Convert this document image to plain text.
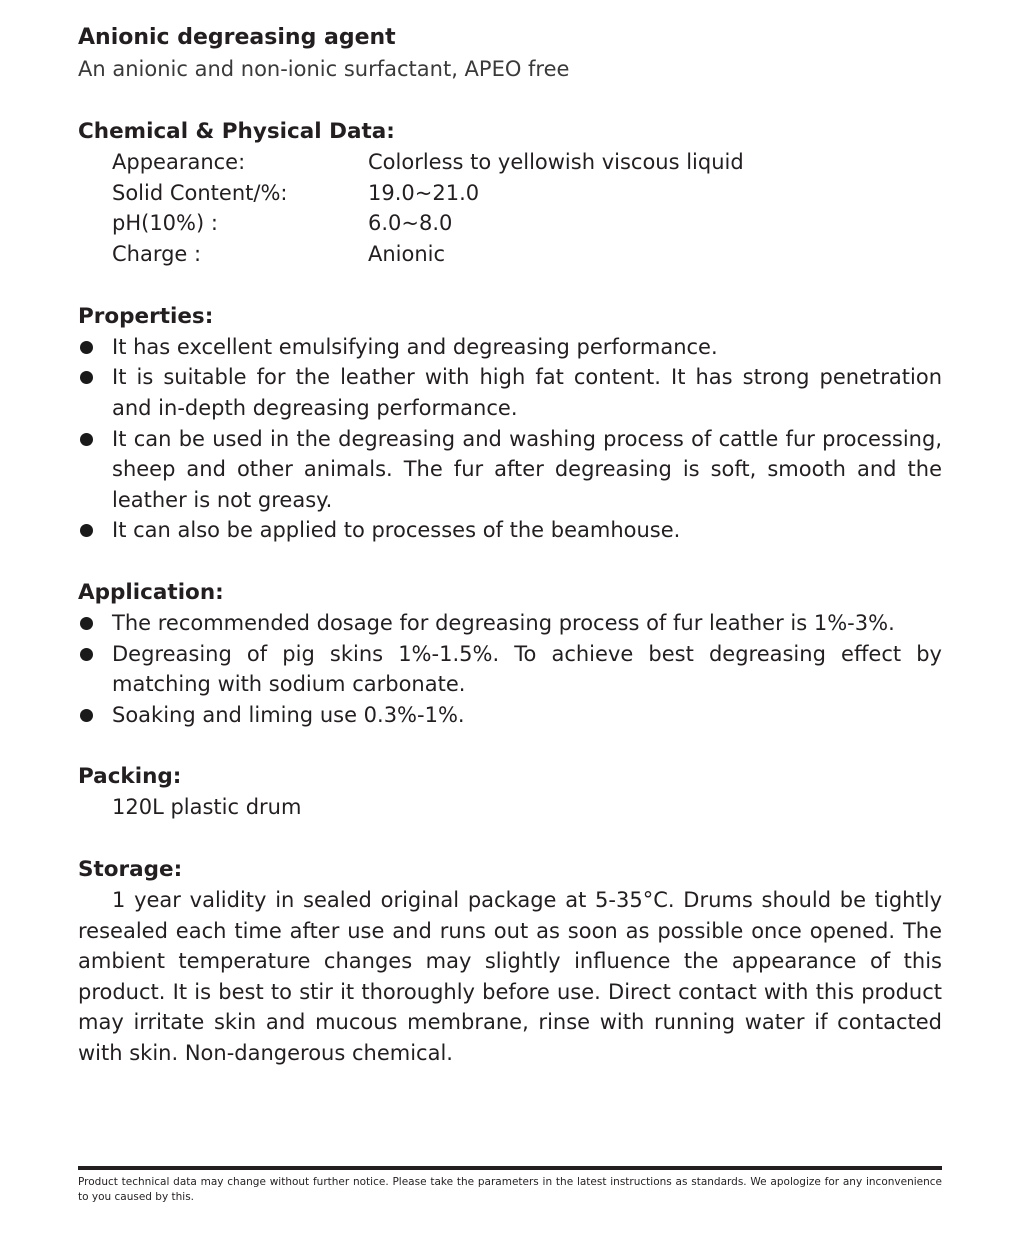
Anionic degreasing agent

An anionic and non-ionic surfactant, APEO free

Chemical & Physical Data:
Appearance:	Colorless to yellowish viscous liquid
Solid Content/%:	19.0~21.0
pH(10%) :	6.0~8.0
Charge :	Anionic
Properties:
It has excellent emulsifying and degreasing performance.
It is suitable for the leather with high fat content. It has strong penetration and in-depth degreasing performance.
It can be used in the degreasing and washing process of cattle fur processing, sheep and other animals. The fur after degreasing is soft, smooth and the leather is not greasy.
It can also be applied to processes of the beamhouse.
Application:
The recommended dosage for degreasing process of fur leather is 1%-3%.
Degreasing of pig skins 1%-1.5%. To achieve best degreasing effect by matching with sodium carbonate.
Soaking and liming use 0.3%-1%.
Packing:

120L plastic drum

Storage:

1 year validity in sealed original package at 5-35°C. Drums should be tightly resealed each time after use and runs out as soon as possible once opened. The ambient temperature changes may slightly influence the appearance of this product. It is best to stir it thoroughly before use. Direct contact with this product may irritate skin and mucous membrane, rinse with running water if contacted with skin. Non-dangerous chemical.

Product technical data may change without further notice. Please take the parameters in the latest instructions as standards. We apologize for any inconvenience to you caused by this.
